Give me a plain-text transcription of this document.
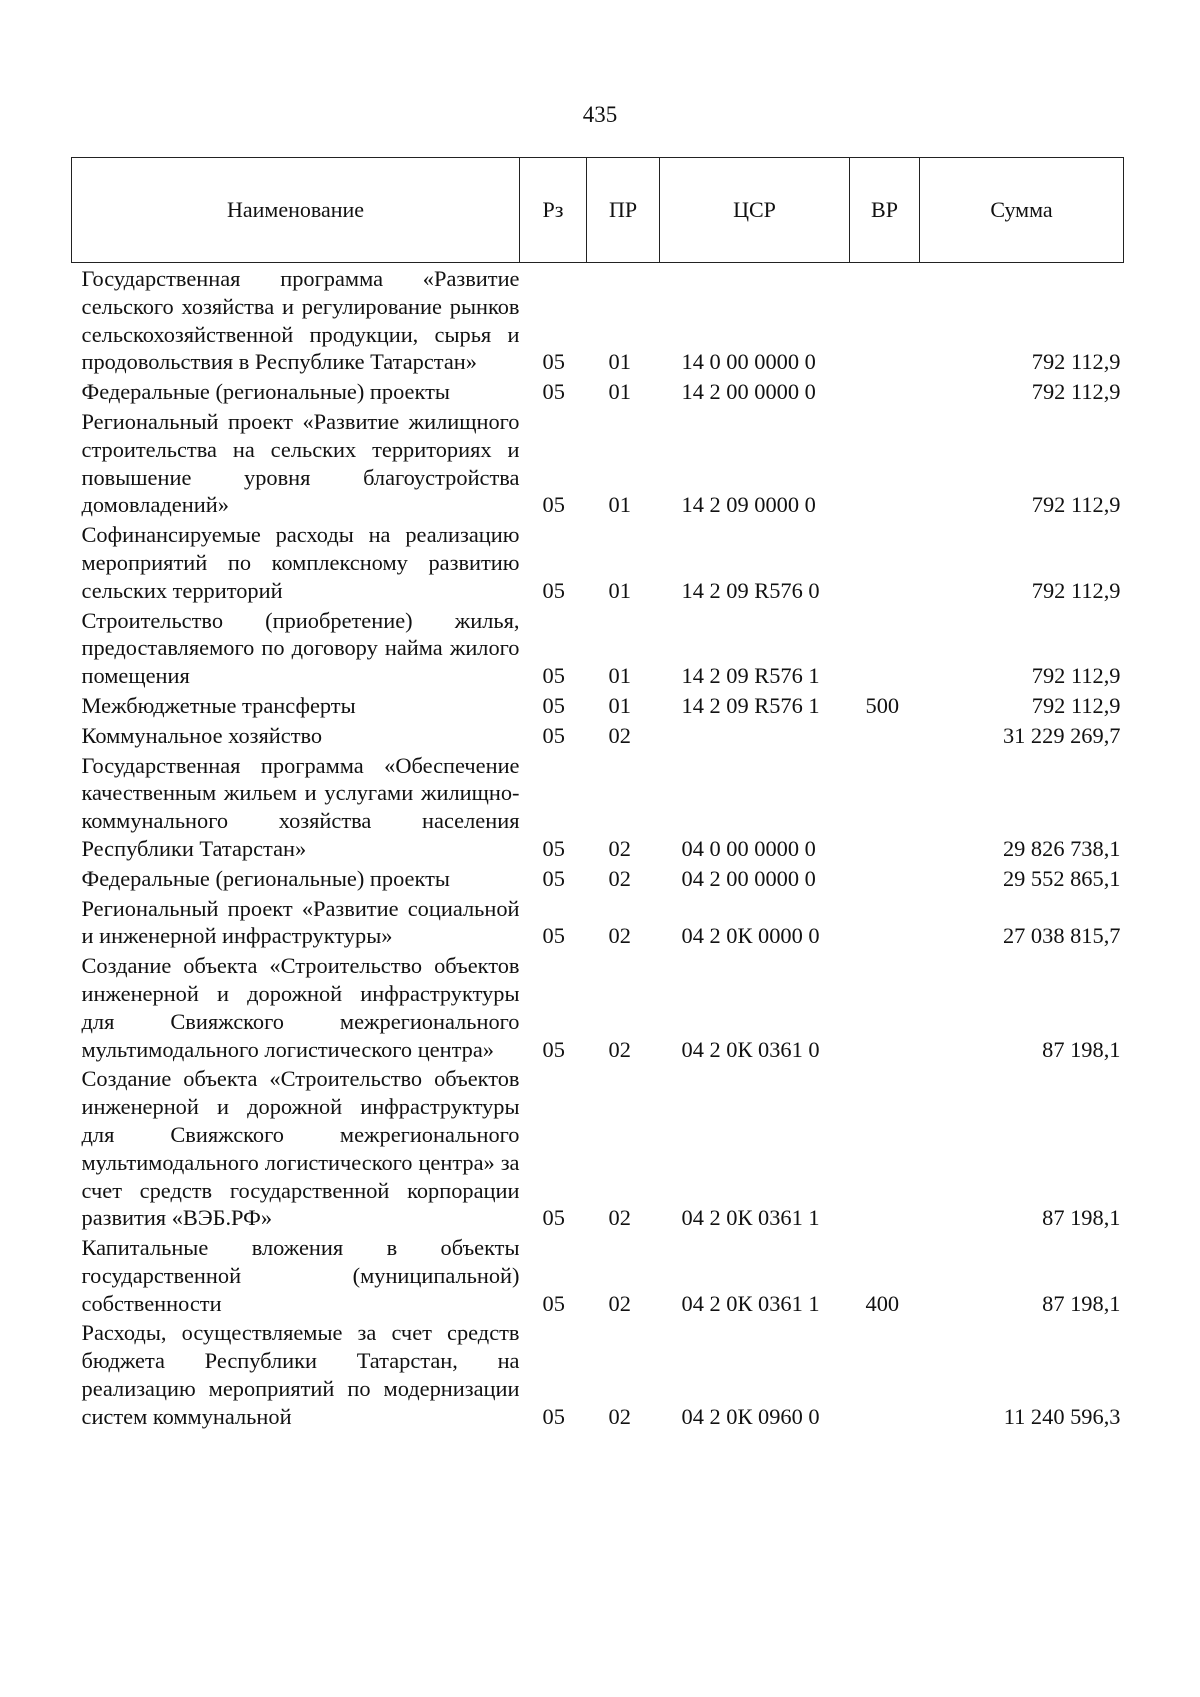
435
Наименование	Рз	ПР	ЦСР	ВР	Сумма
Государственная программа «Развитие сельского хозяйства и регулирование рынков сельскохозяйственной продукции, сырья и продовольствия в Республике Татарстан»	05	01	14 0 00 0000 0		792 112,9
Федеральные (региональные) проекты	05	01	14 2 00 0000 0		792 112,9
Региональный проект «Развитие жилищного строительства на сельских территориях и повышение уровня благоустройства домовладений»	05	01	14 2 09 0000 0		792 112,9
Софинансируемые расходы на реализацию мероприятий по комплексному развитию сельских территорий	05	01	14 2 09 R576 0		792 112,9
Строительство (приобретение) жилья, предоставляемого по договору найма жилого помещения	05	01	14 2 09 R576 1		792 112,9
Межбюджетные трансферты	05	01	14 2 09 R576 1	500	792 112,9
Коммунальное хозяйство	05	02			31 229 269,7
Государственная программа «Обеспечение качественным жильем и услугами жилищно-коммунального хозяйства населения Республики Татарстан»	05	02	04 0 00 0000 0		29 826 738,1
Федеральные (региональные) проекты	05	02	04 2 00 0000 0		29 552 865,1
Региональный проект «Развитие социальной и инженерной инфраструктуры»	05	02	04 2 0К 0000 0		27 038 815,7
Создание объекта «Строительство объектов инженерной и дорожной инфраструктуры для Свияжского межрегионального мультимодального логистического центра»	05	02	04 2 0К 0361 0		87 198,1
Создание объекта «Строительство объектов инженерной и дорожной инфраструктуры для Свияжского межрегионального мультимодального логистического центра» за счет средств государственной корпорации развития «ВЭБ.РФ»	05	02	04 2 0К 0361 1		87 198,1
Капитальные вложения в объекты государственной (муниципальной) собственности	05	02	04 2 0К 0361 1	400	87 198,1
Расходы, осуществляемые за счет средств бюджета Республики Татарстан, на реализацию мероприятий по модернизации систем коммунальной	05	02	04 2 0К 0960 0		11 240 596,3
